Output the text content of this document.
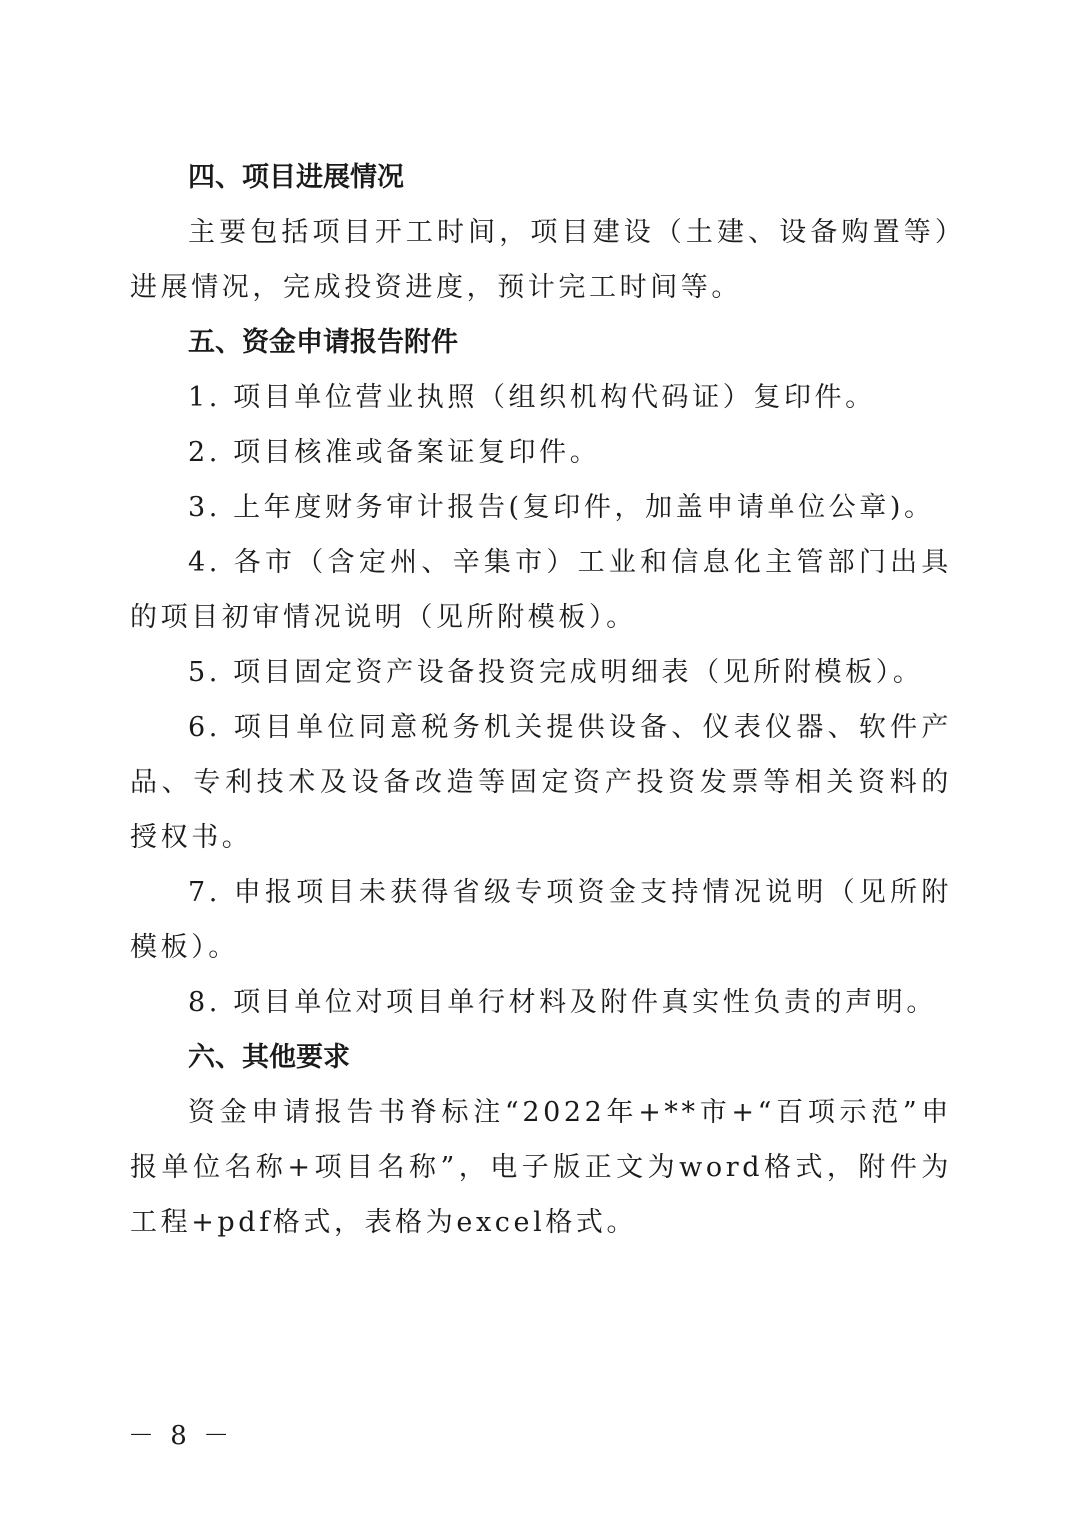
四、项目进展情况

主要包括项目开工时间，项目建设（土建、设备购置等）进展情况，完成投资进度，预计完工时间等。

五、资金申请报告附件

1. 项目单位营业执照（组织机构代码证）复印件。

2. 项目核准或备案证复印件。

3. 上年度财务审计报告(复印件，加盖申请单位公章)。

4. 各市（含定州、辛集市）工业和信息化主管部门出具的项目初审情况说明（见所附模板）。

5. 项目固定资产设备投资完成明细表（见所附模板）。

6. 项目单位同意税务机关提供设备、仪表仪器、软件产品、专利技术及设备改造等固定资产投资发票等相关资料的授权书。

7. 申报项目未获得省级专项资金支持情况说明（见所附模板）。

8. 项目单位对项目单行材料及附件真实性负责的声明。

六、其他要求

资金申请报告书脊标注“2022年+**市+“百项示范”申报单位名称+项目名称”，电子版正文为word格式，附件为工程+pdf格式，表格为excel格式。

－ 8 －
